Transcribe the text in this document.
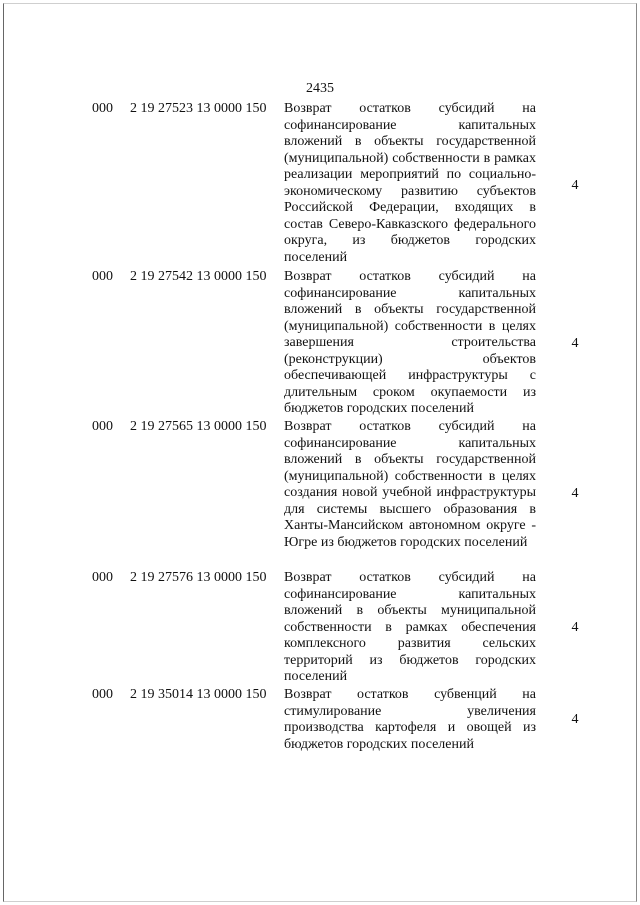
2435
000 2 19 27523 13 0000 150 Возврат остатков субсидий на софинансирование капитальных вложений в объекты государственной (муниципальной) собственности в рамках реализации мероприятий по социально-экономическому развитию субъектов Российской Федерации, входящих в состав Северо-Кавказского федерального округа, из бюджетов городских поселений
4
000 2 19 27542 13 0000 150 Возврат остатков субсидий на софинансирование капитальных вложений в объекты государственной (муниципальной) собственности в целях завершения строительства (реконструкции) объектов обеспечивающей инфраструктуры с длительным сроком окупаемости из бюджетов городских поселений
4
000 2 19 27565 13 0000 150 Возврат остатков субсидий на софинансирование капитальных вложений в объекты государственной (муниципальной) собственности в целях создания новой учебной инфраструктуры для системы высшего образования в Ханты-Мансийском автономном округе - Югре из бюджетов городских поселений
4
000 2 19 27576 13 0000 150 Возврат остатков субсидий на софинансирование капитальных вложений в объекты муниципальной собственности в рамках обеспечения комплексного развития сельских территорий из бюджетов городских поселений
4
000 2 19 35014 13 0000 150 Возврат остатков субвенций на стимулирование увеличения производства картофеля и овощей из бюджетов городских поселений
4
